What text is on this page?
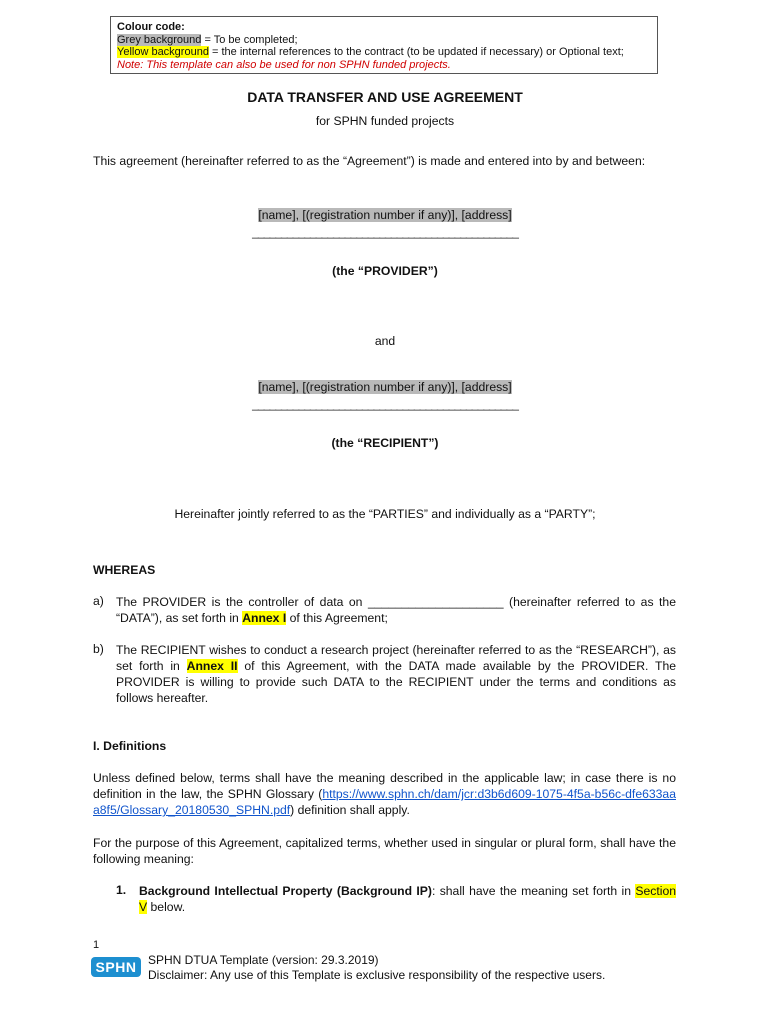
Colour code:
Grey background = To be completed;
Yellow background = the internal references to the contract (to be updated if necessary) or Optional text;
Note: This template can also be used for non SPHN funded projects.
DATA TRANSFER AND USE AGREEMENT
for SPHN funded projects
This agreement (hereinafter referred to as the “Agreement”) is made and entered into by and between:
[name], [(registration number if any)], [address]
______________________________________________
(the “PROVIDER”)
and
[name], [(registration number if any)], [address]
______________________________________________
(the “RECIPIENT”)
Hereinafter jointly referred to as the “PARTIES” and individually as a “PARTY”;
WHEREAS
a) The PROVIDER is the controller of data on ____________________ (hereinafter referred to as the “DATA”), as set forth in Annex I of this Agreement;
b) The RECIPIENT wishes to conduct a research project (hereinafter referred to as the “RESEARCH”), as set forth in Annex II of this Agreement, with the DATA made available by the PROVIDER. The PROVIDER is willing to provide such DATA to the RECIPIENT under the terms and conditions as follows hereafter.
I. Definitions
Unless defined below, terms shall have the meaning described in the applicable law; in case there is no definition in the law, the SPHN Glossary (https://www.sphn.ch/dam/jcr:d3b6d609-1075-4f5a-b56c-dfe633aaa8f5/Glossary_20180530_SPHN.pdf) definition shall apply.
For the purpose of this Agreement, capitalized terms, whether used in singular or plural form, shall have the following meaning:
1. Background Intellectual Property (Background IP): shall have the meaning set forth in Section V below.
1
SPHN SPHN DTUA Template (version: 29.3.2019)
Disclaimer: Any use of this Template is exclusive responsibility of the respective users.
